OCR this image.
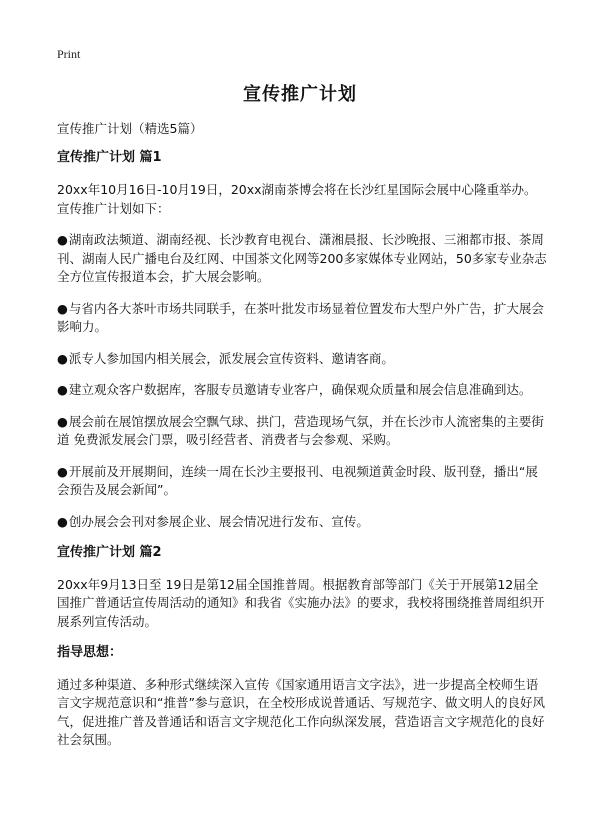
Print
宣传推广计划

宣传推广计划（精选5篇）

宣传推广计划 篇1

20xx年10月16日-10月19日，20xx湖南茶博会将在长沙红星国际会展中心隆重举办。宣传推广计划如下：

●湖南政法频道、湖南经视、长沙教育电视台、潇湘晨报、长沙晚报、三湘都市报、茶周刊、湖南人民广播电台及红网、中国茶文化网等200多家媒体专业网站，50多家专业杂志全方位宣传报道本会，扩大展会影响。

●与省内各大茶叶市场共同联手，在茶叶批发市场显着位置发布大型户外广告，扩大展会影响力。

●派专人参加国内相关展会，派发展会宣传资料、邀请客商。

●建立观众客户数据库，客服专员邀请专业客户，确保观众质量和展会信息准确到达。

●展会前在展馆摆放展会空飘气球、拱门，营造现场气氛，并在长沙市人流密集的主要街道 免费派发展会门票，吸引经营者、消费者与会参观、采购。

●开展前及开展期间，连续一周在长沙主要报刊、电视频道黄金时段、版刊登，播出“展会预告及展会新闻”。

●创办展会会刊对参展企业、展会情况进行发布、宣传。

宣传推广计划 篇2

20xx年9月13日至 19日是第12届全国推普周。根据教育部等部门《关于开展第12届全国推广普通话宣传周活动的通知》和我省《实施办法》的要求，我校将围绕推普周组织开展系列宣传活动。

指导思想：

通过多种渠道、多种形式继续深入宣传《国家通用语言文字法》，进一步提高全校师生语言文字规范意识和“推普”参与意识，在全校形成说普通话、写规范字、做文明人的良好风气，促进推广普及普通话和语言文字规范化工作向纵深发展，营造语言文字规范化的良好社会氛围。
